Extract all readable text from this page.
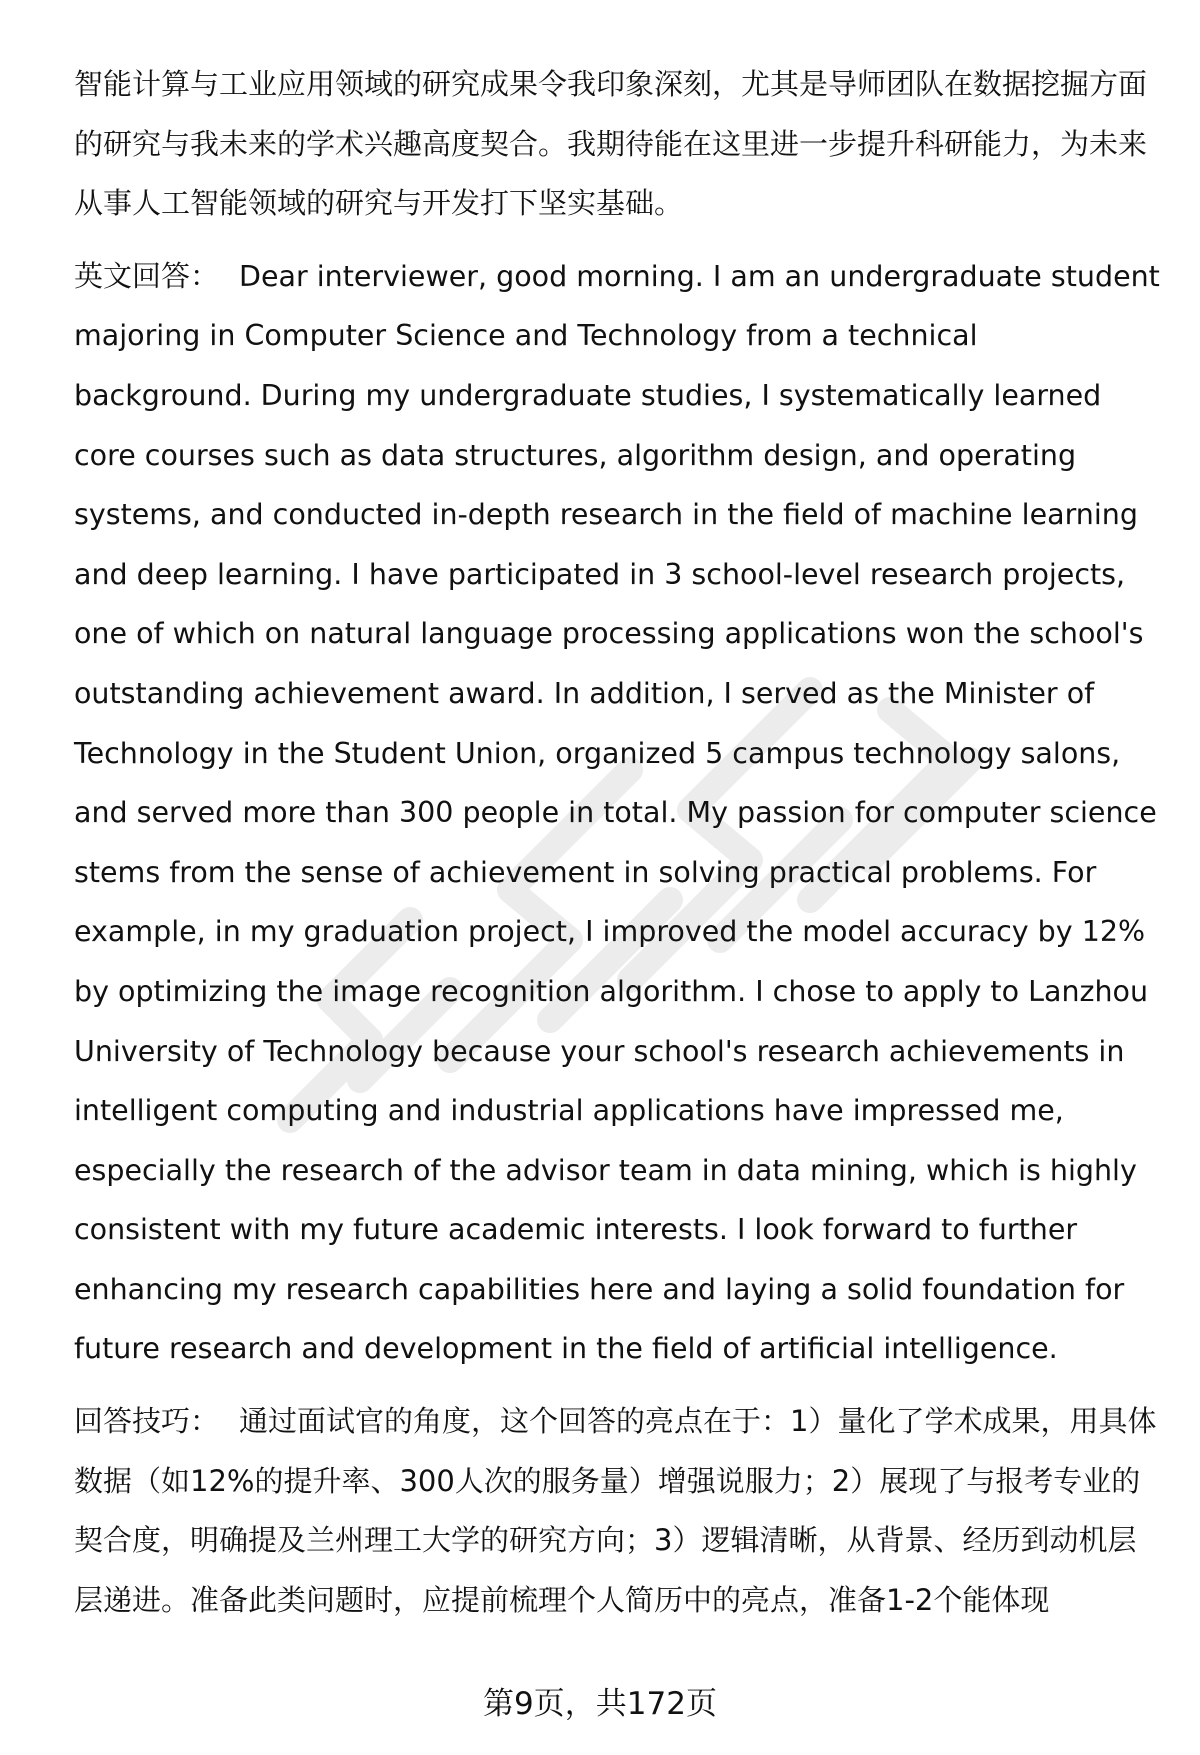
智能计算与工业应用领域的研究成果令我印象深刻，尤其是导师团队在数据挖掘方面的研究与我未来的学术兴趣高度契合。我期待能在这里进一步提升科研能力，为未来从事人工智能领域的研究与开发打下坚实基础。

英文回答： Dear interviewer, good morning. I am an undergraduate student majoring in Computer Science and Technology from a technical background. During my undergraduate studies, I systematically learned core courses such as data structures, algorithm design, and operating systems, and conducted in-depth research in the field of machine learning and deep learning. I have participated in 3 school-level research projects, one of which on natural language processing applications won the school's outstanding achievement award. In addition, I served as the Minister of Technology in the Student Union, organized 5 campus technology salons, and served more than 300 people in total. My passion for computer science stems from the sense of achievement in solving practical problems. For example, in my graduation project, I improved the model accuracy by 12% by optimizing the image recognition algorithm. I chose to apply to Lanzhou University of Technology because your school's research achievements in intelligent computing and industrial applications have impressed me, especially the research of the advisor team in data mining, which is highly consistent with my future academic interests. I look forward to further enhancing my research capabilities here and laying a solid foundation for future research and development in the field of artificial intelligence.

回答技巧： 通过面试官的角度，这个回答的亮点在于：1）量化了学术成果，用具体数据（如12%的提升率、300人次的服务量）增强说服力；2）展现了与报考专业的契合度，明确提及兰州理工大学的研究方向；3）逻辑清晰，从背景、经历到动机层层递进。准备此类问题时，应提前梳理个人简历中的亮点，准备1-2个能体现

第9页，共172页
